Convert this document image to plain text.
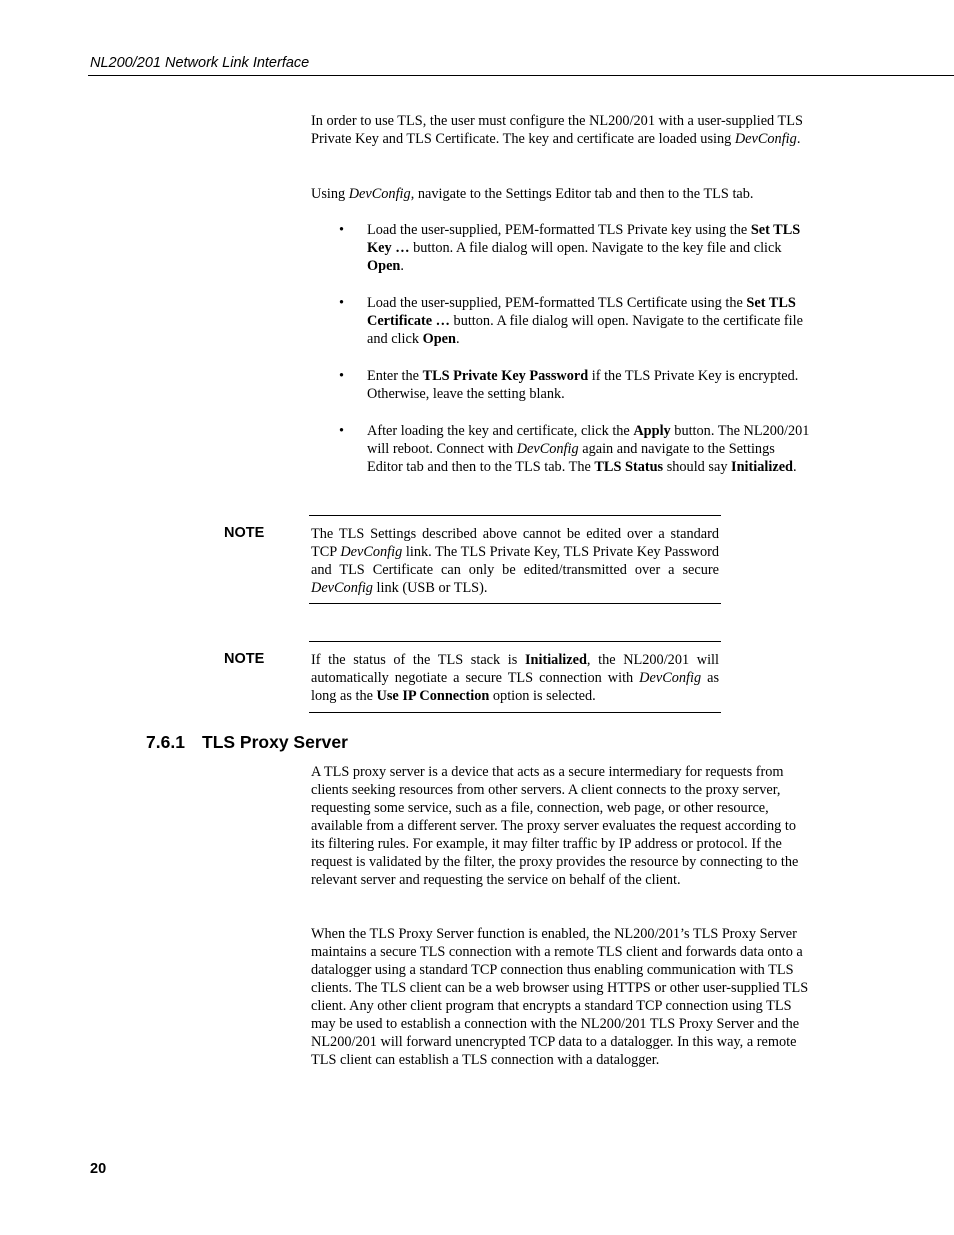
NL200/201 Network Link Interface

In order to use TLS, the user must configure the NL200/201 with a user-supplied TLS Private Key and TLS Certificate. The key and certificate are loaded using DevConfig.

Using DevConfig, navigate to the Settings Editor tab and then to the TLS tab.

• Load the user-supplied, PEM-formatted TLS Private key using the Set TLS Key … button. A file dialog will open. Navigate to the key file and click Open.
• Load the user-supplied, PEM-formatted TLS Certificate using the Set TLS Certificate … button. A file dialog will open. Navigate to the certificate file and click Open.
• Enter the TLS Private Key Password if the TLS Private Key is encrypted. Otherwise, leave the setting blank.
• After loading the key and certificate, click the Apply button. The NL200/201 will reboot. Connect with DevConfig again and navigate to the Settings Editor tab and then to the TLS tab. The TLS Status should say Initialized.
NOTE	The TLS Settings described above cannot be edited over a standard TCP DevConfig link. The TLS Private Key, TLS Private Key Password and TLS Certificate can only be edited/transmitted over a secure DevConfig link (USB or TLS).

NOTE	If the status of the TLS stack is Initialized, the NL200/201 will automatically negotiate a secure TLS connection with DevConfig as long as the Use IP Connection option is selected.

7.6.1 TLS Proxy Server

A TLS proxy server is a device that acts as a secure intermediary for requests from clients seeking resources from other servers. A client connects to the proxy server, requesting some service, such as a file, connection, web page, or other resource, available from a different server. The proxy server evaluates the request according to its filtering rules. For example, it may filter traffic by IP address or protocol. If the request is validated by the filter, the proxy provides the resource by connecting to the relevant server and requesting the service on behalf of the client.

When the TLS Proxy Server function is enabled, the NL200/201’s TLS Proxy Server maintains a secure TLS connection with a remote TLS client and forwards data onto a datalogger using a standard TCP connection thus enabling communication with TLS clients. The TLS client can be a web browser using HTTPS or other user-supplied TLS client. Any other client program that encrypts a standard TCP connection using TLS may be used to establish a connection with the NL200/201 TLS Proxy Server and the NL200/201 will forward unencrypted TCP data to a datalogger. In this way, a remote TLS client can establish a TLS connection with a datalogger.

20
